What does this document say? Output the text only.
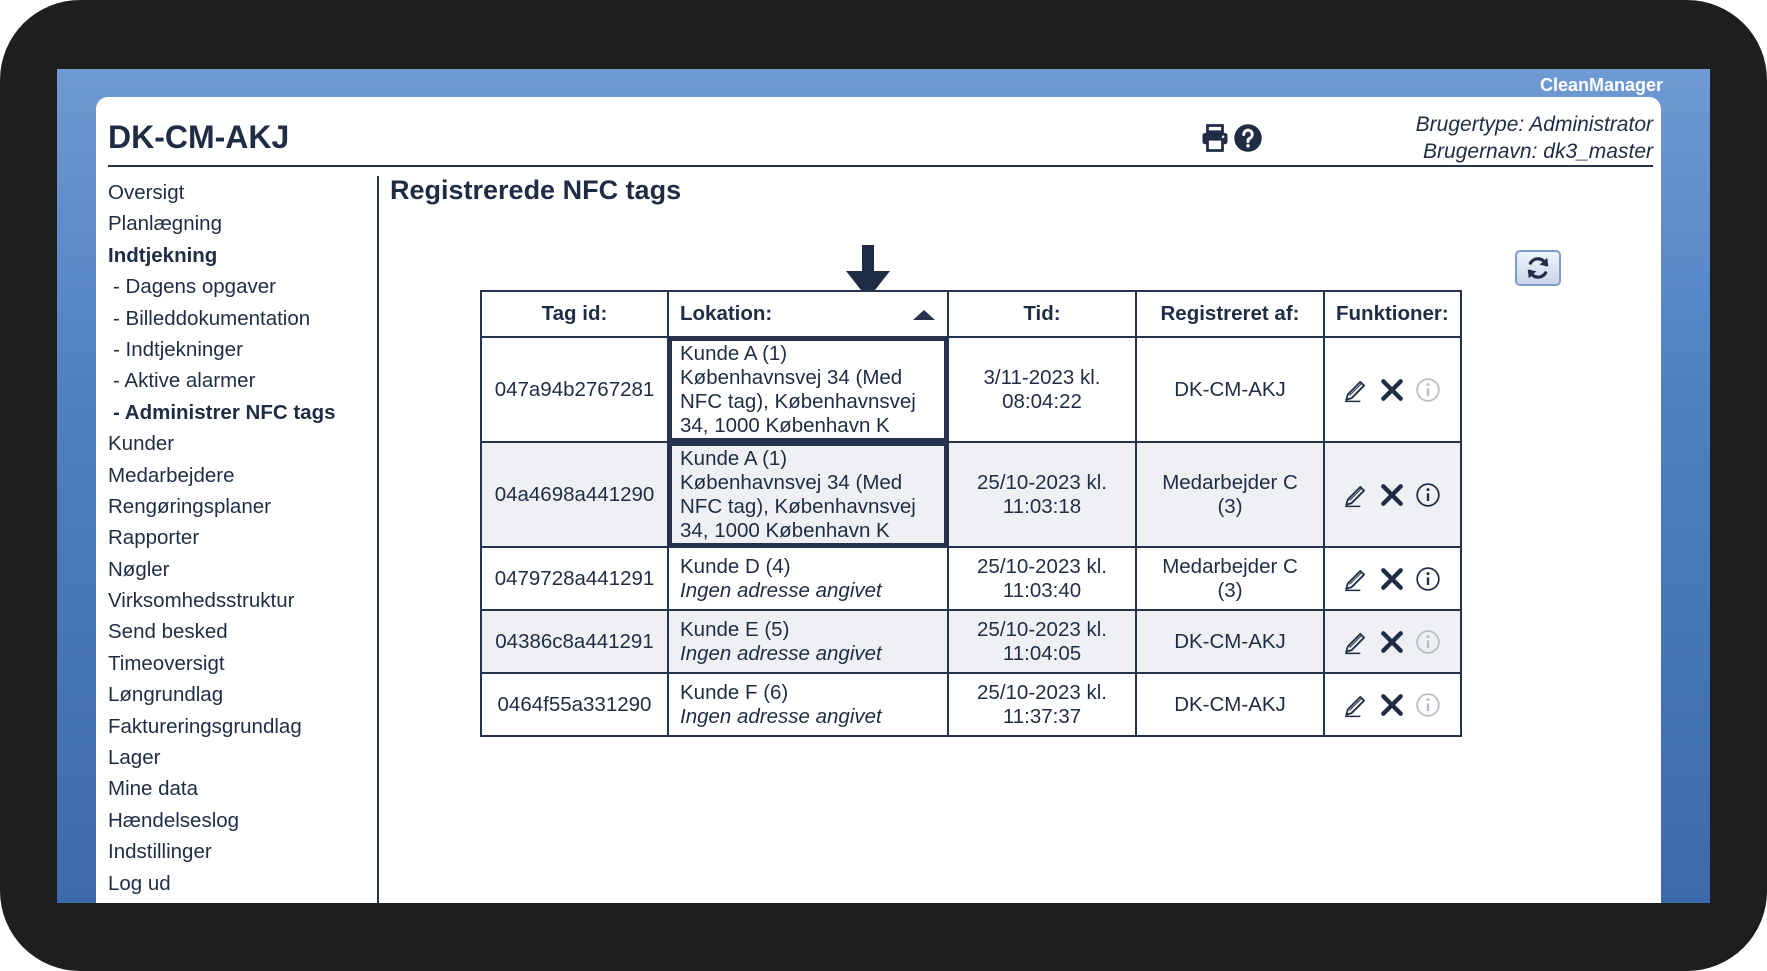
CleanManager
DK-CM-AKJ	Brugertype: Administrator
Brugernavn: dk3_master
Oversigt
Planlægning
Indtjekning
- Dagens opgaver
- Billeddokumentation
- Indtjekninger
- Aktive alarmer
- Administrer NFC tags
Kunder
Medarbejdere
Rengøringsplaner
Rapporter
Nøgler
Virksomhedsstruktur
Send besked
Timeoversigt
Løngrundlag
Faktureringsgrundlag
Lager
Mine data
Hændelseslog
Indstillinger
Log ud
Registrerede NFC tags
Tag id:	Lokation:	Tid:	Registreret af:	Funktioner:
047a94b2767281	Kunde A (1)
Københavnsvej 34 (Med NFC tag), Københavnsvej 34, 1000 København K	3/11-2023 kl. 08:04:22	DK-CM-AKJ	

04a4698a441290	Kunde A (1)
Københavnsvej 34 (Med NFC tag), Københavnsvej 34, 1000 København K	25/10-2023 kl. 11:03:18	Medarbejder C (3)	

0479728a441291	Kunde D (4)
Ingen adresse angivet	25/10-2023 kl. 11:03:40	Medarbejder C (3)	

04386c8a441291	Kunde E (5)
Ingen adresse angivet	25/10-2023 kl. 11:04:05	DK-CM-AKJ	

0464f55a331290	Kunde F (6)
Ingen adresse angivet	25/10-2023 kl. 11:37:37	DK-CM-AKJ	
